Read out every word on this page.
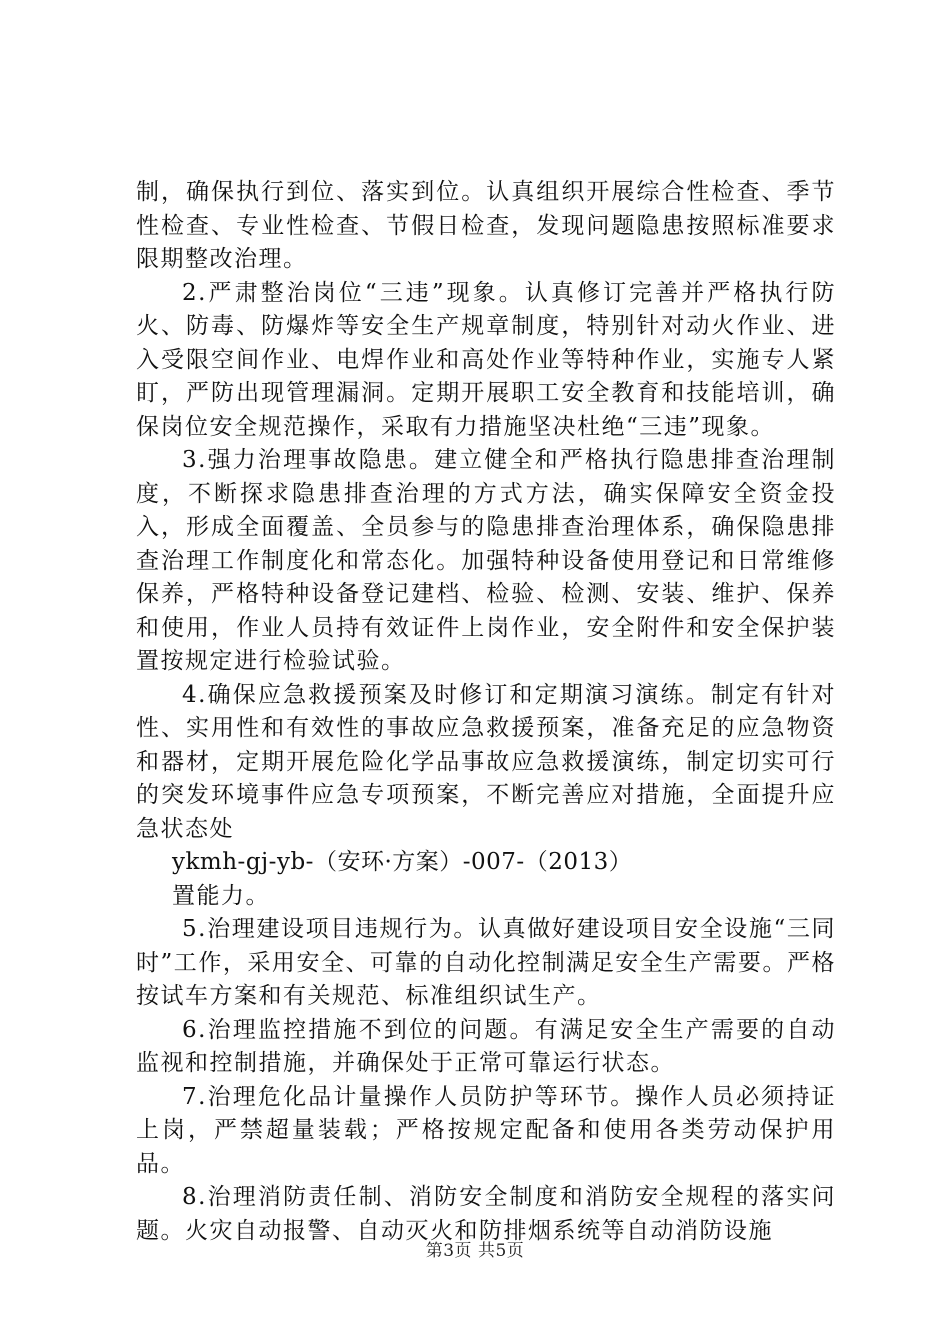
制，确保执行到位、落实到位。认真组织开展综合性检查、季节性检查、专业性检查、节假日检查，发现问题隐患按照标准要求限期整改治理。

2.严肃整治岗位“三违”现象。认真修订完善并严格执行防火、防毒、防爆炸等安全生产规章制度，特别针对动火作业、进入受限空间作业、电焊作业和高处作业等特种作业，实施专人紧盯，严防出现管理漏洞。定期开展职工安全教育和技能培训，确保岗位安全规范操作，采取有力措施坚决杜绝“三违”现象。

3.强力治理事故隐患。建立健全和严格执行隐患排查治理制度，不断探求隐患排查治理的方式方法，确实保障安全资金投入，形成全面覆盖、全员参与的隐患排查治理体系，确保隐患排查治理工作制度化和常态化。加强特种设备使用登记和日常维修保养，严格特种设备登记建档、检验、检测、安装、维护、保养和使用，作业人员持有效证件上岗作业，安全附件和安全保护装置按规定进行检验试验。

4.确保应急救援预案及时修订和定期演习演练。制定有针对性、实用性和有效性的事故应急救援预案，准备充足的应急物资和器材，定期开展危险化学品事故应急救援演练，制定切实可行的突发环境事件应急专项预案，不断完善应对措施，全面提升应急状态处

ykmh-gj-yb-（安环·方案）-007-（2013）

置能力。

5.治理建设项目违规行为。认真做好建设项目安全设施“三同时”工作，采用安全、可靠的自动化控制满足安全生产需要。严格按试车方案和有关规范、标准组织试生产。

6.治理监控措施不到位的问题。有满足安全生产需要的自动监视和控制措施，并确保处于正常可靠运行状态。

7.治理危化品计量操作人员防护等环节。操作人员必须持证上岗，严禁超量装载；严格按规定配备和使用各类劳动保护用品。

8.治理消防责任制、消防安全制度和消防安全规程的落实问题。火灾自动报警、自动灭火和防排烟系统等自动消防设施

第3页 共5页
